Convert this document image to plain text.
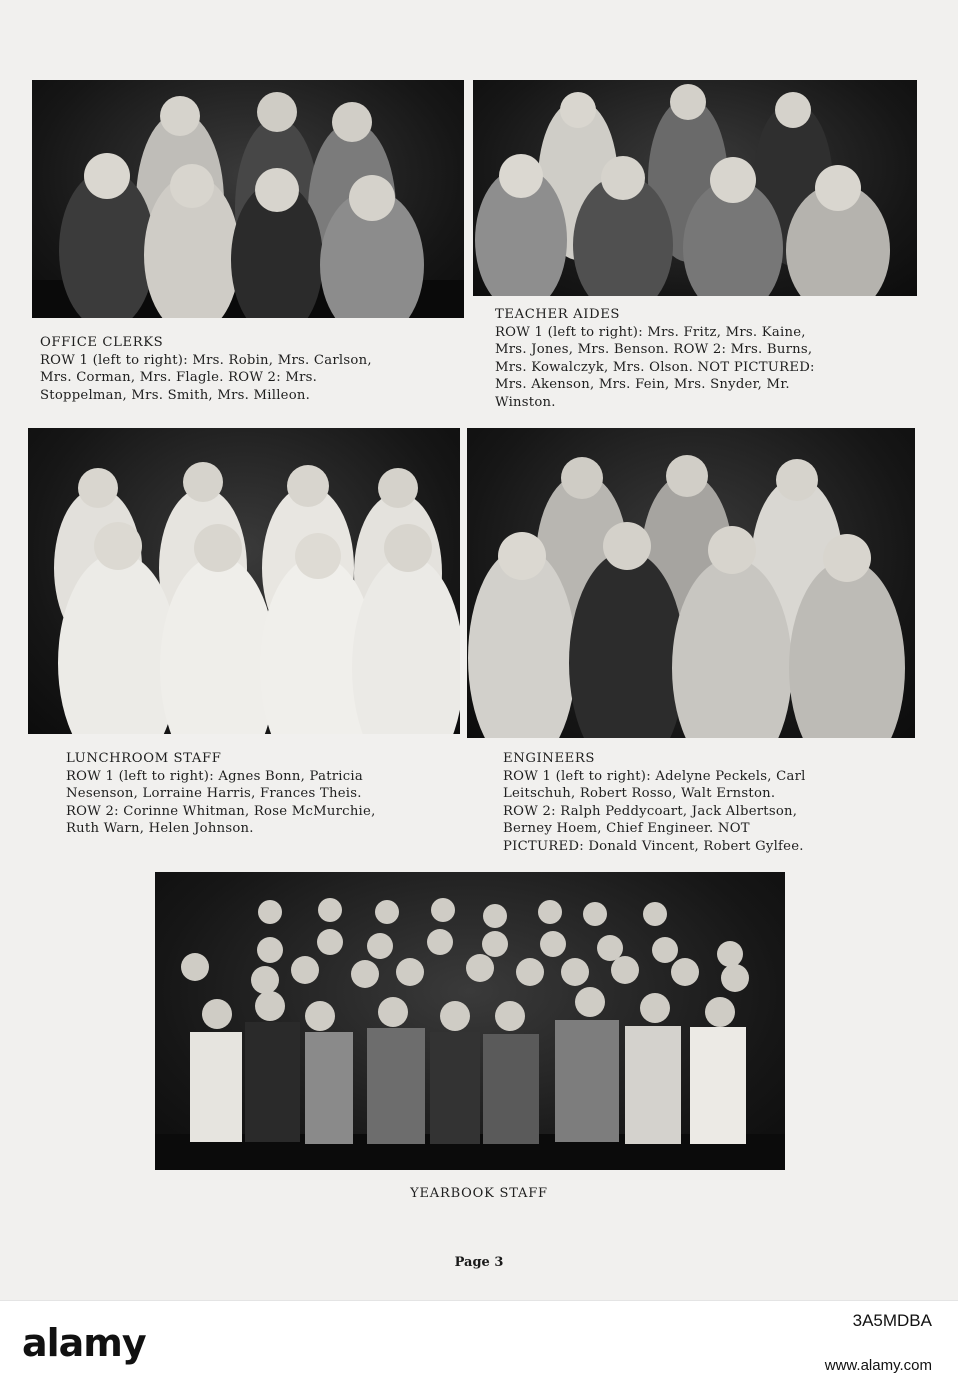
OFFICE CLERKS
ROW 1 (left to right): Mrs. Robin, Mrs. Carlson,
Mrs. Corman, Mrs. Flagle. ROW 2: Mrs.
Stoppelman, Mrs. Smith, Mrs. Milleon.
TEACHER AIDES
ROW 1 (left to right): Mrs. Fritz, Mrs. Kaine,
Mrs. Jones, Mrs. Benson. ROW 2: Mrs. Burns,
Mrs. Kowalczyk, Mrs. Olson. NOT PICTURED:
Mrs. Akenson, Mrs. Fein, Mrs. Snyder, Mr.
Winston.
LUNCHROOM STAFF
ROW 1 (left to right): Agnes Bonn, Patricia
Nesenson, Lorraine Harris, Frances Theis.
ROW 2: Corinne Whitman, Rose McMurchie,
Ruth Warn, Helen Johnson.
ENGINEERS
ROW 1 (left to right): Adelyne Peckels, Carl
Leitschuh, Robert Rosso, Walt Ernston.
ROW 2: Ralph Peddycoart, Jack Albertson,
Berney Hoem, Chief Engineer. NOT
PICTURED: Donald Vincent, Robert Gylfee.
YEARBOOK STAFF
Page 3
alamy
3A5MDBA
www.alamy.com
